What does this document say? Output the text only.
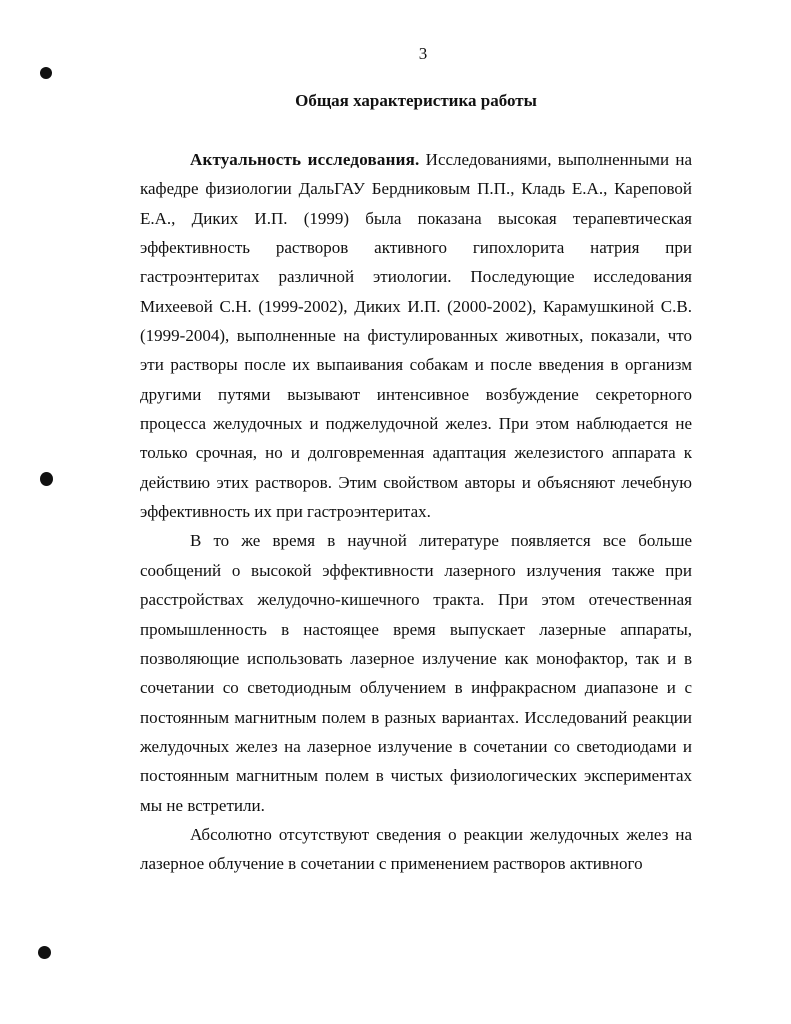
3
Общая характеристика работы

Актуальность исследования. Исследованиями, выполненными на кафедре физиологии ДальГАУ Бердниковым П.П., Кладь Е.А., Кареповой Е.А., Диких И.П. (1999) была показана высокая терапевтическая эффективность растворов активного гипохлорита натрия при гастроэнтеритах различной этиологии. Последующие исследования Михеевой С.Н. (1999-2002), Диких И.П. (2000-2002), Карамушкиной С.В. (1999-2004), выполненные на фистулированных животных, показали, что эти растворы после их выпаивания собакам и после введения в организм другими путями вызывают интенсивное возбуждение секреторного процесса желудочных и поджелудочной желез. При этом наблюдается не только срочная, но и долговременная адаптация железистого аппарата к действию этих растворов. Этим свойством авторы и объясняют лечебную эффективность их при гастроэнтеритах.

В то же время в научной литературе появляется все больше сообщений о высокой эффективности лазерного излучения также при расстройствах желудочно-кишечного тракта. При этом отечественная промышленность в настоящее время выпускает лазерные аппараты, позволяющие использовать лазерное излучение как монофактор, так и в сочетании со светодиодным облучением в инфракрасном диапазоне и с постоянным магнитным полем в разных вариантах. Исследований реакции желудочных желез на лазерное излучение в сочетании со светодиодами и постоянным магнитным полем в чистых физиологических экспериментах мы не встретили.

Абсолютно отсутствуют сведения о реакции желудочных желез на лазерное облучение в сочетании с применением растворов активного
